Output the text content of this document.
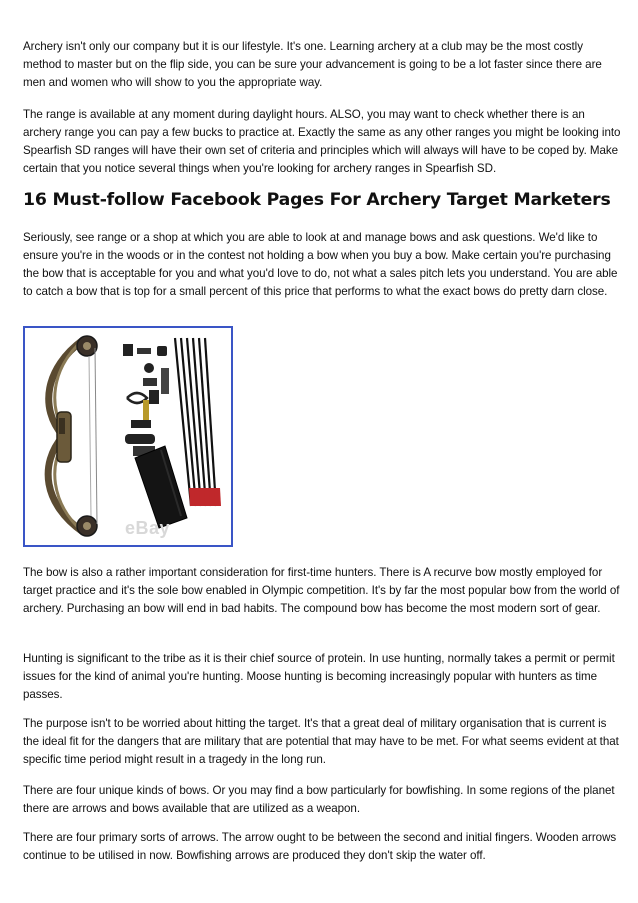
Archery isn't only our company but it is our lifestyle. It's one. Learning archery at a club may be the most costly method to master but on the flip side, you can be sure your advancement is going to be a lot faster since there are men and women who will show to you the appropriate way.

The range is available at any moment during daylight hours. ALSO, you may want to check whether there is an archery range you can pay a few bucks to practice at. Exactly the same as any other ranges you might be looking into Spearfish SD ranges will have their own set of criteria and principles which will always will have to be coped by. Make certain that you notice several things when you're looking for archery ranges in Spearfish SD.

16 Must-follow Facebook Pages For Archery Target Marketers

Seriously, see range or a shop at which you are able to look at and manage bows and ask questions. We'd like to ensure you're in the woods or in the contest not holding a bow when you buy a bow. Make certain you're purchasing the bow that is acceptable for you and what you'd love to do, not what a sales pitch lets you understand. You are able to catch a bow that is top for a small percent of this price that performs to what the exact bows do pretty darn close.

eBay

The bow is also a rather important consideration for first-time hunters. There is A recurve bow mostly employed for target practice and it's the sole bow enabled in Olympic competition. It's by far the most popular bow from the world of archery. Purchasing an bow will end in bad habits. The compound bow has become the most modern sort of gear.

Hunting is significant to the tribe as it is their chief source of protein. In use hunting, normally takes a permit or permit issues for the kind of animal you're hunting. Moose hunting is becoming increasingly popular with hunters as time passes.

The purpose isn't to be worried about hitting the target. It's that a great deal of military organisation that is current is the ideal fit for the dangers that are military that are potential that may have to be met. For what seems evident at that specific time period might result in a tragedy in the long run.

There are four unique kinds of bows. Or you may find a bow particularly for bowfishing. In some regions of the planet there are arrows and bows available that are utilized as a weapon.

There are four primary sorts of arrows. The arrow ought to be between the second and initial fingers. Wooden arrows continue to be utilised in now. Bowfishing arrows are produced they don't skip the water off.
